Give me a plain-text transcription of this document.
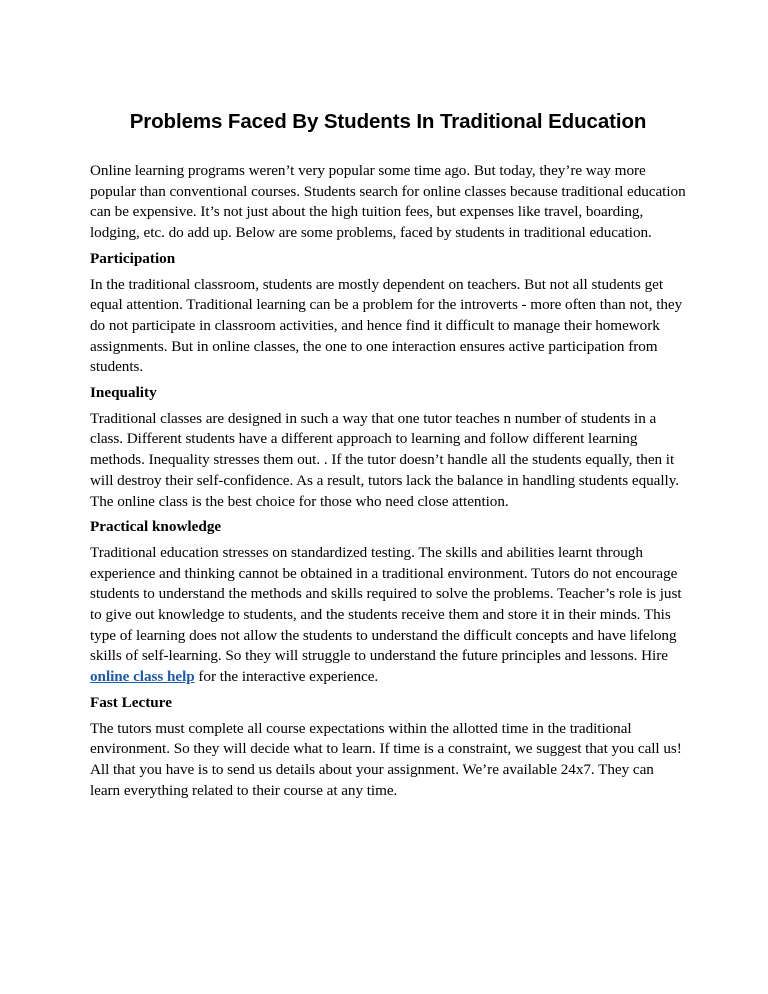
Problems Faced By Students In Traditional Education

Online learning programs weren’t very popular some time ago. But today, they’re way more popular than conventional courses. Students search for online classes because traditional education can be expensive. It’s not just about the high tuition fees, but expenses like travel, boarding, lodging, etc. do add up. Below are some problems, faced by students in traditional education.

Participation

In the traditional classroom, students are mostly dependent on teachers. But not all students get equal attention. Traditional learning can be a problem for the introverts - more often than not, they do not participate in classroom activities, and hence find it difficult to manage their homework assignments. But in online classes, the one to one interaction ensures active participation from students.

Inequality

Traditional classes are designed in such a way that one tutor teaches n number of students in a class. Different students have a different approach to learning and follow different learning methods. Inequality stresses them out. . If the tutor doesn’t handle all the students equally, then it will destroy their self-confidence. As a result, tutors lack the balance in handling students equally. The online class is the best choice for those who need close attention.

Practical knowledge

Traditional education stresses on standardized testing. The skills and abilities learnt through experience and thinking cannot be obtained in a traditional environment. Tutors do not encourage students to understand the methods and skills required to solve the problems. Teacher’s role is just to give out knowledge to students, and the students receive them and store it in their minds. This type of learning does not allow the students to understand the difficult concepts and have lifelong skills of self-learning. So they will struggle to understand the future principles and lessons. Hire online class help for the interactive experience.

Fast Lecture

The tutors must complete all course expectations within the allotted time in the traditional environment. So they will decide what to learn. If time is a constraint, we suggest that you call us! All that you have is to send us details about your assignment. We’re available 24x7. They can learn everything related to their course at any time.
